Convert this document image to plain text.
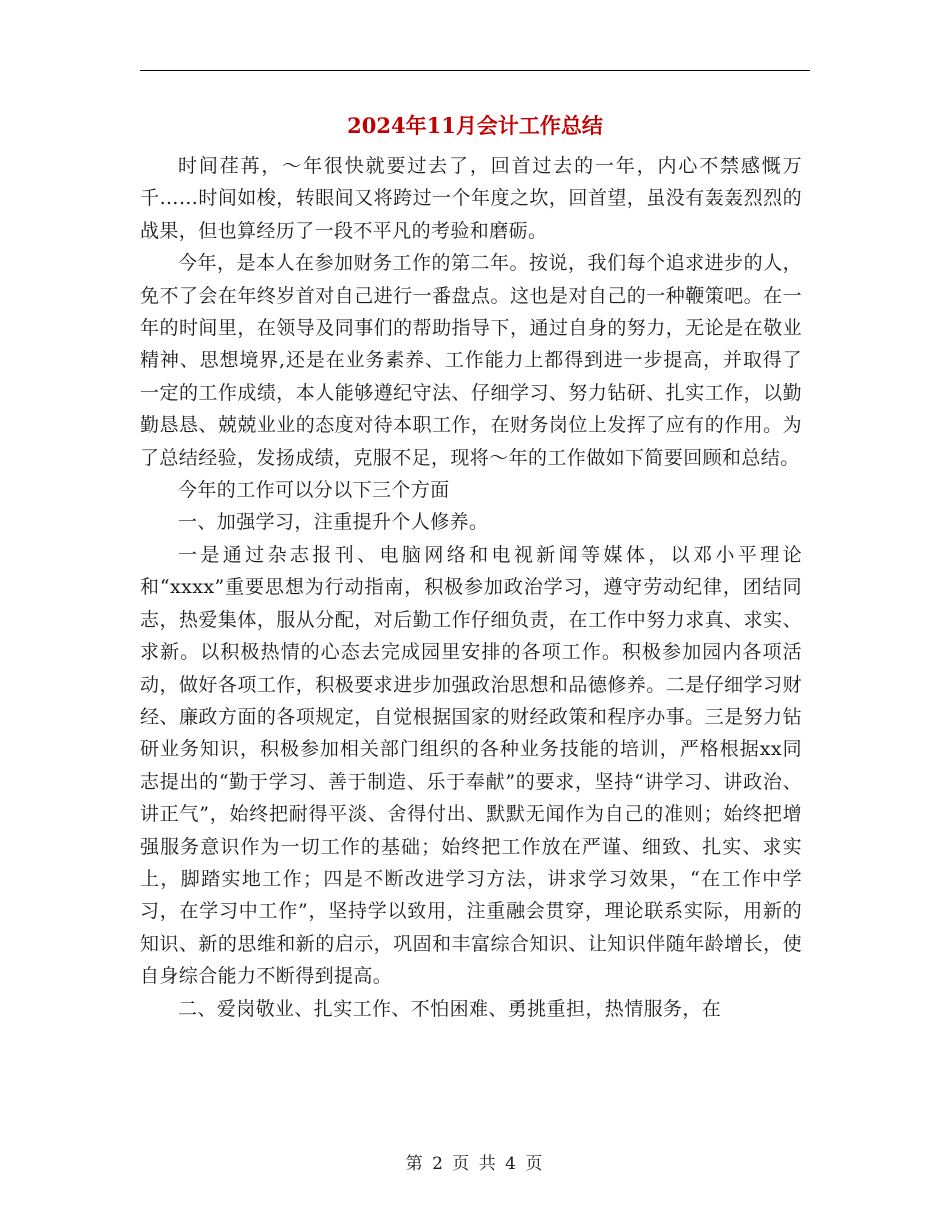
2024年11月会计工作总结

时间荏苒，～年很快就要过去了，回首过去的一年，内心不禁感慨万千……时间如梭，转眼间又将跨过一个年度之坎，回首望，虽没有轰轰烈烈的战果，但也算经历了一段不平凡的考验和磨砺。

今年，是本人在参加财务工作的第二年。按说，我们每个追求进步的人，免不了会在年终岁首对自己进行一番盘点。这也是对自己的一种鞭策吧。在一年的时间里，在领导及同事们的帮助指导下，通过自身的努力，无论是在敬业精神、思想境界,还是在业务素养、工作能力上都得到进一步提高，并取得了一定的工作成绩，本人能够遵纪守法、仔细学习、努力钻研、扎实工作，以勤勤恳恳、兢兢业业的态度对待本职工作，在财务岗位上发挥了应有的作用。为了总结经验，发扬成绩，克服不足，现将～年的工作做如下简要回顾和总结。

今年的工作可以分以下三个方面

一、加强学习，注重提升个人修养。

一是通过杂志报刊、电脑网络和电视新闻等媒体，以邓小平理论和“xxxx”重要思想为行动指南，积极参加政治学习，遵守劳动纪律，团结同志，热爱集体，服从分配，对后勤工作仔细负责，在工作中努力求真、求实、求新。以积极热情的心态去完成园里安排的各项工作。积极参加园内各项活动，做好各项工作，积极要求进步加强政治思想和品德修养。二是仔细学习财经、廉政方面的各项规定，自觉根据国家的财经政策和程序办事。三是努力钻研业务知识，积极参加相关部门组织的各种业务技能的培训，严格根据xx同志提出的“勤于学习、善于制造、乐于奉献”的要求，坚持“讲学习、讲政治、讲正气”，始终把耐得平淡、舍得付出、默默无闻作为自己的准则；始终把增强服务意识作为一切工作的基础；始终把工作放在严谨、细致、扎实、求实上，脚踏实地工作；四是不断改进学习方法，讲求学习效果，“在工作中学习，在学习中工作”，坚持学以致用，注重融会贯穿，理论联系实际，用新的知识、新的思维和新的启示，巩固和丰富综合知识、让知识伴随年龄增长，使自身综合能力不断得到提高。

二、爱岗敬业、扎实工作、不怕困难、勇挑重担，热情服务，在

第 2 页 共 4 页
